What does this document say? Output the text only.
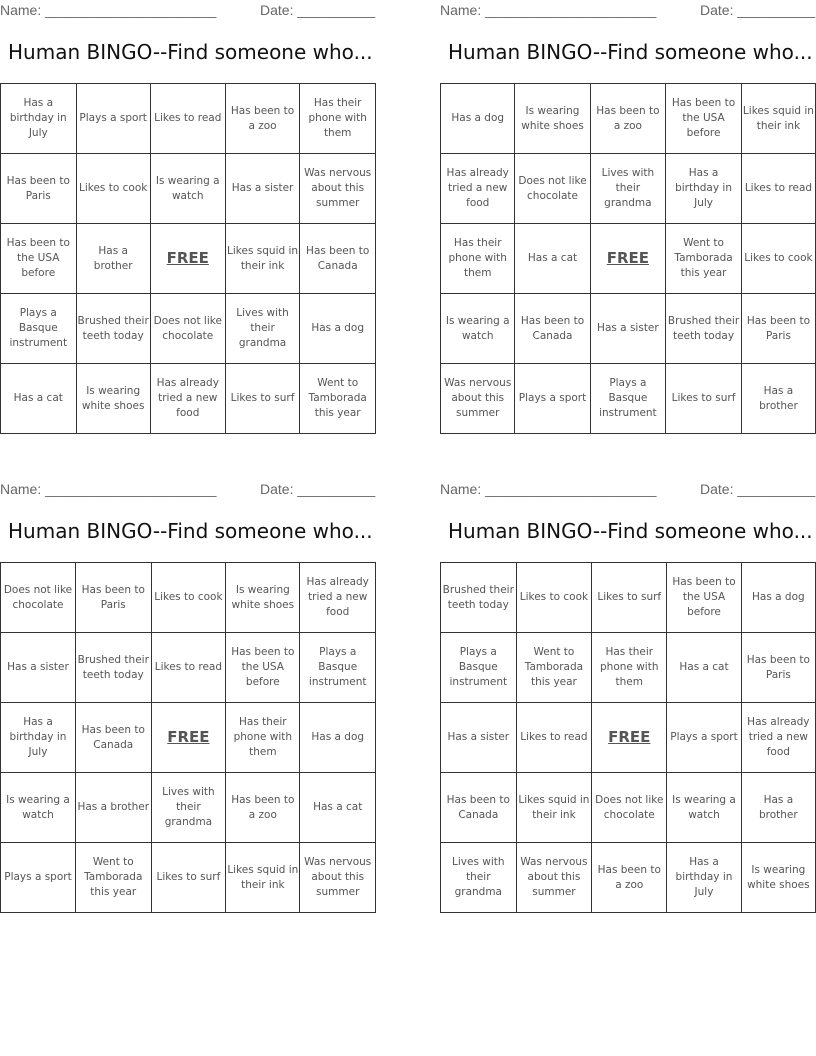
Name: ______________________	Date: __________
Human BINGO--Find someone who...
Has a birthday in July	Plays a sport	Likes to read	Has been to a zoo	Has their phone with them
Has been to Paris	Likes to cook	Is wearing a watch	Has a sister	Was nervous about this summer
Has been to the USA before	Has a brother	FREE	Likes squid in their ink	Has been to Canada
Plays a Basque instrument	Brushed their teeth today	Does not like chocolate	Lives with their grandma	Has a dog
Has a cat	Is wearing white shoes	Has already tried a new food	Likes to surf	Went to Tamborada this year
Name: ______________________	Date: __________
Human BINGO--Find someone who...
Has a dog	Is wearing white shoes	Has been to a zoo	Has been to the USA before	Likes squid in their ink
Has already tried a new food	Does not like chocolate	Lives with their grandma	Has a birthday in July	Likes to read
Has their phone with them	Has a cat	FREE	Went to Tamborada this year	Likes to cook
Is wearing a watch	Has been to Canada	Has a sister	Brushed their teeth today	Has been to Paris
Was nervous about this summer	Plays a sport	Plays a Basque instrument	Likes to surf	Has a brother
Name: ______________________	Date: __________
Human BINGO--Find someone who...
Does not like chocolate	Has been to Paris	Likes to cook	Is wearing white shoes	Has already tried a new food
Has a sister	Brushed their teeth today	Likes to read	Has been to the USA before	Plays a Basque instrument
Has a birthday in July	Has been to Canada	FREE	Has their phone with them	Has a dog
Is wearing a watch	Has a brother	Lives with their grandma	Has been to a zoo	Has a cat
Plays a sport	Went to Tamborada this year	Likes to surf	Likes squid in their ink	Was nervous about this summer
Name: ______________________	Date: __________
Human BINGO--Find someone who...
Brushed their teeth today	Likes to cook	Likes to surf	Has been to the USA before	Has a dog
Plays a Basque instrument	Went to Tamborada this year	Has their phone with them	Has a cat	Has been to Paris
Has a sister	Likes to read	FREE	Plays a sport	Has already tried a new food
Has been to Canada	Likes squid in their ink	Does not like chocolate	Is wearing a watch	Has a brother
Lives with their grandma	Was nervous about this summer	Has been to a zoo	Has a birthday in July	Is wearing white shoes
